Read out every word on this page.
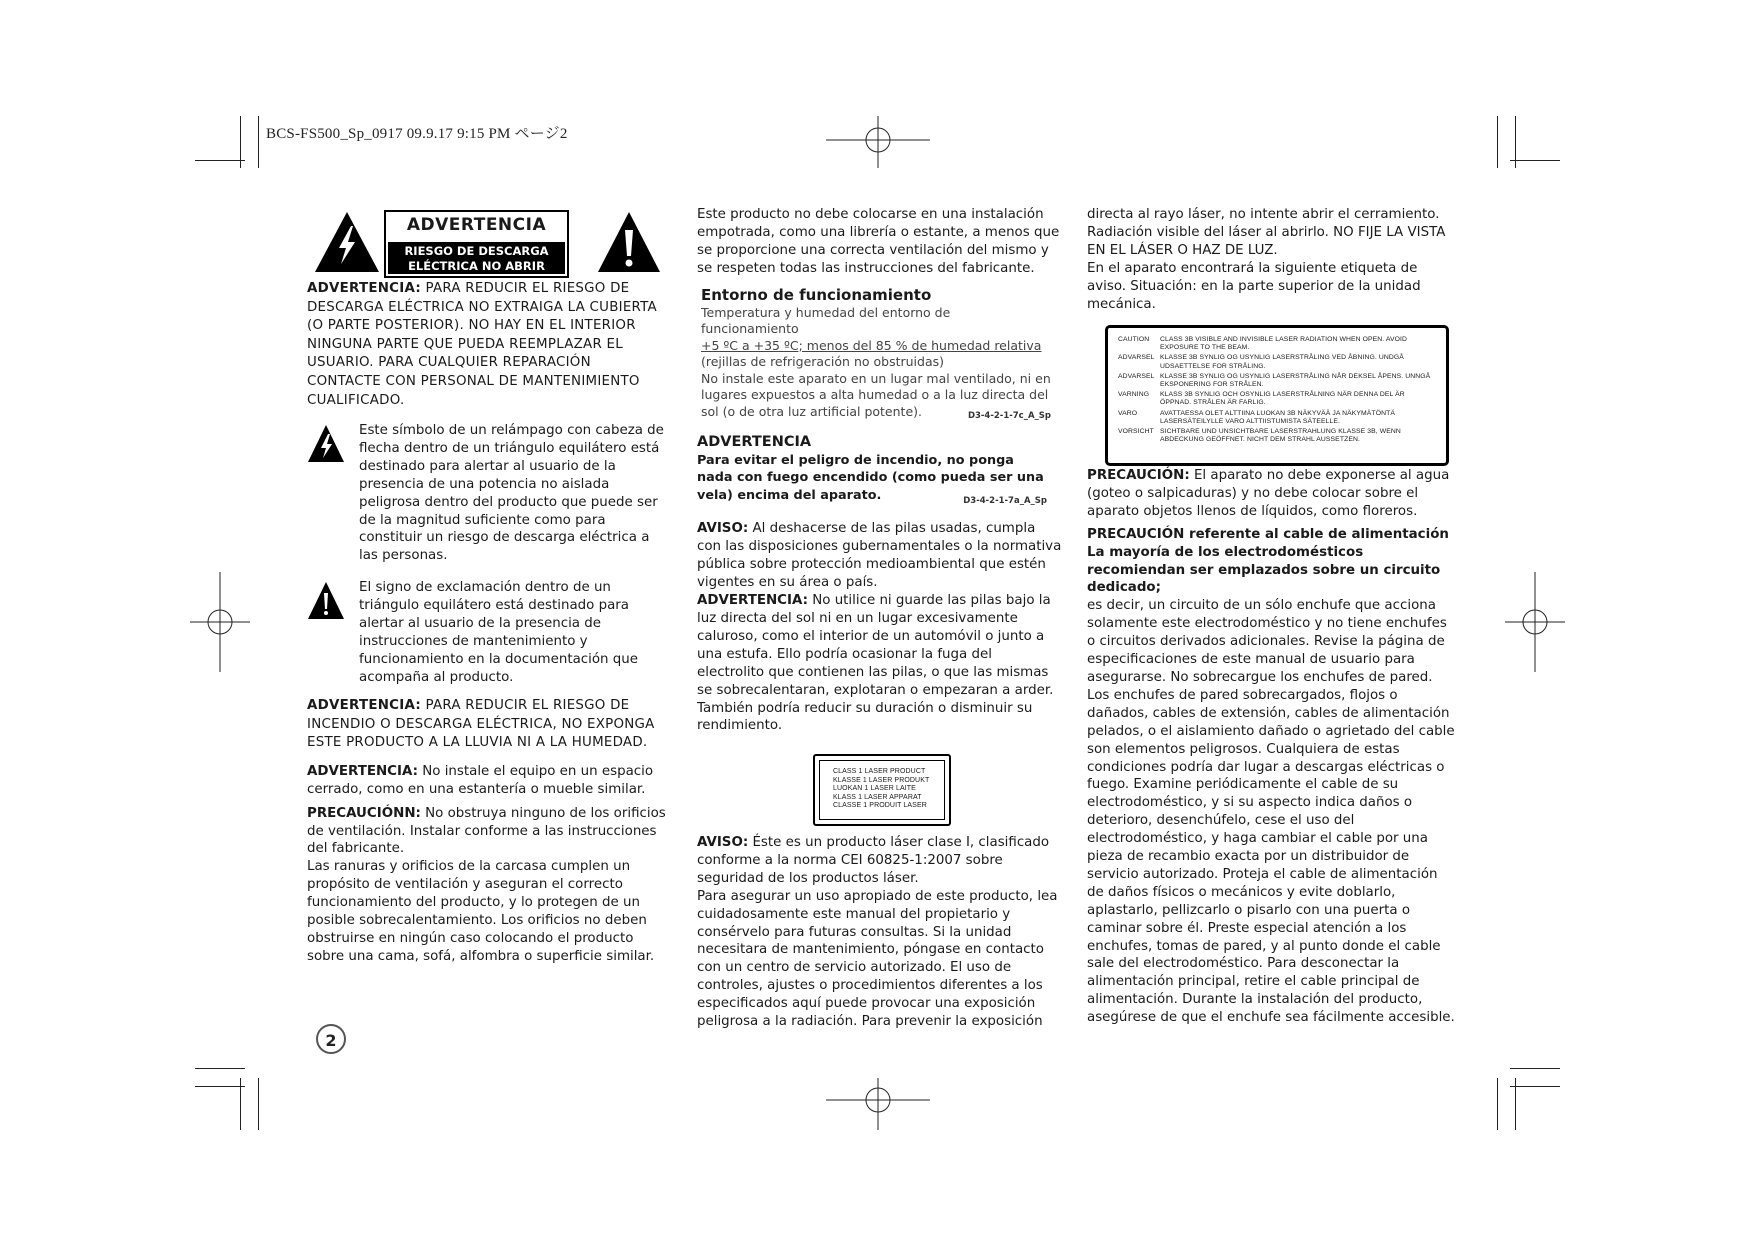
BCS-FS500_Sp_0917 09.9.17 9:15 PM ページ2
ADVERTENCIA
RIESGO DE DESCARGA
ELÉCTRICA NO ABRIR

ADVERTENCIA: PARA REDUCIR EL RIESGO DE DESCARGA ELÉCTRICA NO EXTRAIGA LA CUBIERTA (O PARTE POSTERIOR). NO HAY EN EL INTERIOR NINGUNA PARTE QUE PUEDA REEMPLAZAR EL USUARIO. PARA CUALQUIER REPARACIÓN CONTACTE CON PERSONAL DE MANTENIMIENTO CUALIFICADO.

Este símbolo de un relámpago con cabeza de flecha dentro de un triángulo equilátero está destinado para alertar al usuario de la presencia de una potencia no aislada peligrosa dentro del producto que puede ser de la magnitud suficiente como para constituir un riesgo de descarga eléctrica a las personas.
El signo de exclamación dentro de un triángulo equilátero está destinado para alertar al usuario de la presencia de instrucciones de mantenimiento y funcionamiento en la documentación que acompaña al producto.

ADVERTENCIA: PARA REDUCIR EL RIESGO DE INCENDIO O DESCARGA ELÉCTRICA, NO EXPONGA ESTE PRODUCTO A LA LLUVIA NI A LA HUMEDAD.

ADVERTENCIA: No instale el equipo en un espacio cerrado, como en una estantería o mueble similar.

PRECAUCIÓNN: No obstruya ninguno de los orificios de ventilación. Instalar conforme a las instrucciones del fabricante.

Las ranuras y orificios de la carcasa cumplen un propósito de ventilación y aseguran el correcto funcionamiento del producto, y lo protegen de un posible sobrecalentamiento. Los orificios no deben obstruirse en ningún caso colocando el producto sobre una cama, sofá, alfombra o superficie similar.

Este producto no debe colocarse en una instalación empotrada, como una librería o estante, a menos que se proporcione una correcta ventilación del mismo y se respeten todas las instrucciones del fabricante.

Entorno de funcionamiento
Temperatura y humedad del entorno de funcionamiento
+5 ºC a +35 ºC; menos del 85 % de humedad relativa
(rejillas de refrigeración no obstruidas)
No instale este aparato en un lugar mal ventilado, ni en lugares expuestos a alta humedad o a la luz directa del sol (o de otra luz artificial potente).	D3-4-2-1-7c_A_Sp
ADVERTENCIA
Para evitar el peligro de incendio, no ponga nada con fuego encendido (como pueda ser una vela) encima del aparato.	D3-4-2-1-7a_A_Sp

AVISO: Al deshacerse de las pilas usadas, cumpla con las disposiciones gubernamentales o la normativa pública sobre protección medioambiental que estén vigentes en su área o país.

ADVERTENCIA: No utilice ni guarde las pilas bajo la luz directa del sol ni en un lugar excesivamente caluroso, como el interior de un automóvil o junto a una estufa. Ello podría ocasionar la fuga del electrolito que contienen las pilas, o que las mismas se sobrecalentaran, explotaran o empezaran a arder. También podría reducir su duración o disminuir su rendimiento.

CLASS 1 LASER PRODUCT
KLASSE 1 LASER PRODUKT
LUOKAN 1 LASER LAITE
KLASS 1 LASER APPARAT
CLASSE 1 PRODUIT LASER

AVISO: Éste es un producto láser clase I, clasificado conforme a la norma CEI 60825-1:2007 sobre seguridad de los productos láser.

Para asegurar un uso apropiado de este producto, lea cuidadosamente este manual del propietario y consérvelo para futuras consultas. Si la unidad necesitara de mantenimiento, póngase en contacto con un centro de servicio autorizado. El uso de controles, ajustes o procedimientos diferentes a los especificados aquí puede provocar una exposición peligrosa a la radiación. Para prevenir la exposición

directa al rayo láser, no intente abrir el cerramiento. Radiación visible del láser al abrirlo. NO FIJE LA VISTA EN EL LÁSER O HAZ DE LUZ.

En el aparato encontrará la siguiente etiqueta de aviso. Situación: en la parte superior de la unidad mecánica.

CAUTION	CLASS 3B VISIBLE AND INVISIBLE LASER RADIATION WHEN OPEN. AVOID EXPOSURE TO THE BEAM.
ADVARSEL KLASSE 3B SYNLIG OG USYNLIG LASERSTRÅLING VED ÅBNING. UNDGÅ UDSAETTELSE FOR STRÅLING.
ADVARSEL KLASSE 3B SYNLIG OG USYNLIG LASERSTRÅLING NÅR DEKSEL ÅPENS. UNNGÅ EKSPONERING FOR STRÅLEN.
VARNING	KLASS 3B SYNLIG OCH OSYNLIG LASERSTRÅLNING NÄR DENNA DEL ÄR ÖPPNAD. STRÅLEN ÄR FARLIG.
VARO	AVATTAESSA OLET ALTTIINA LUOKAN 3B NÄKYVÄÄ JA NÄKYMÄTÖNTÄ LASERSÄTEILYLLE VARO ALTTIISTUMISTA SÄTEELLE.
VORSICHT SICHTBARE UND UNSICHTBARE LASERSTRAHLUNG KLASSE 3B, WENN ABDECKUNG GEÖFFNET. NICHT DEM STRAHL AUSSETZEN.

PRECAUCIÓN: El aparato no debe exponerse al agua (goteo o salpicaduras) y no debe colocar sobre el aparato objetos llenos de líquidos, como floreros.

PRECAUCIÓN referente al cable de alimentación La mayoría de los electrodomésticos recomiendan ser emplazados sobre un circuito dedicado;

es decir, un circuito de un sólo enchufe que acciona solamente este electrodoméstico y no tiene enchufes o circuitos derivados adicionales. Revise la página de especificaciones de este manual de usuario para asegurarse. No sobrecargue los enchufes de pared. Los enchufes de pared sobrecargados, flojos o dañados, cables de extensión, cables de alimentación pelados, o el aislamiento dañado o agrietado del cable son elementos peligrosos. Cualquiera de estas condiciones podría dar lugar a descargas eléctricas o fuego. Examine periódicamente el cable de su electrodoméstico, y si su aspecto indica daños o deterioro, desenchúfelo, cese el uso del electrodoméstico, y haga cambiar el cable por una pieza de recambio exacta por un distribuidor de servicio autorizado. Proteja el cable de alimentación de daños físicos o mecánicos y evite doblarlo, aplastarlo, pellizcarlo o pisarlo con una puerta o caminar sobre él. Preste especial atención a los enchufes, tomas de pared, y al punto donde el cable sale del electrodoméstico. Para desconectar la alimentación principal, retire el cable principal de alimentación. Durante la instalación del producto, asegúrese de que el enchufe sea fácilmente accesible.

2
